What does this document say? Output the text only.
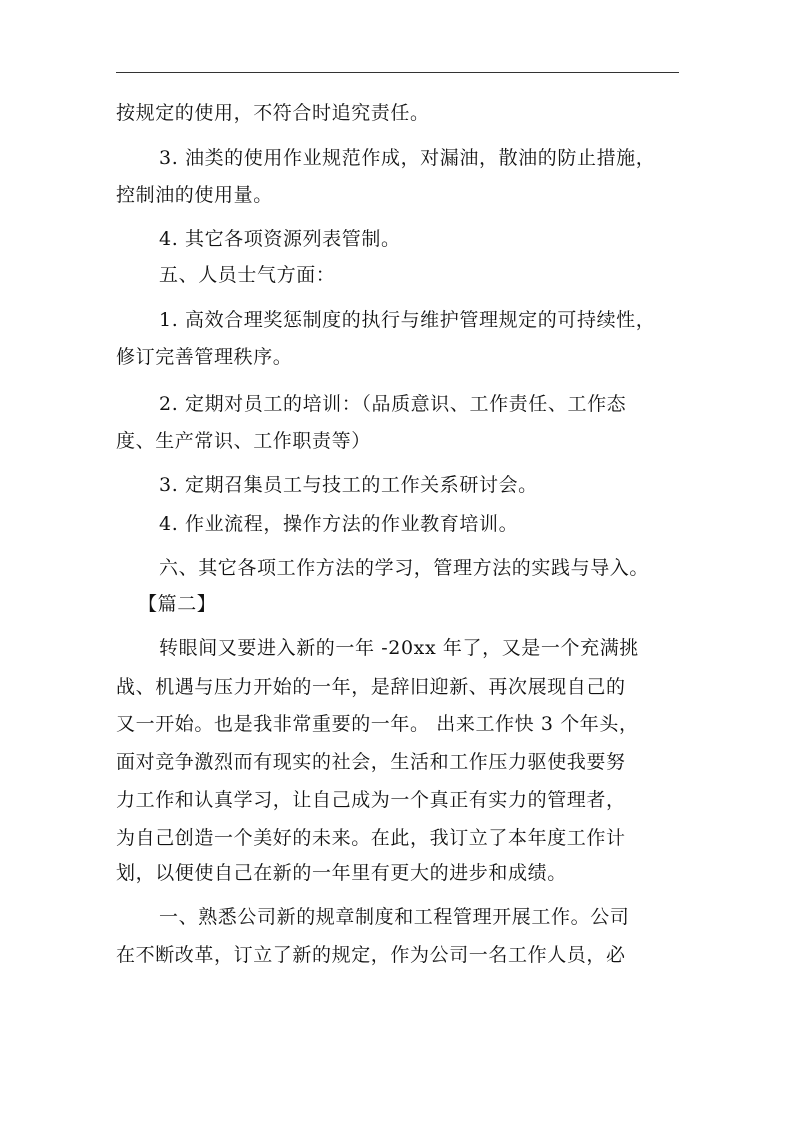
按规定的使用，不符合时追究责任。
3. 油类的使用作业规范作成，对漏油，散油的防止措施，
控制油的使用量。
4. 其它各项资源列表管制。
五、人员士气方面：
1. 高效合理奖惩制度的执行与维护管理规定的可持续性，
修订完善管理秩序。
2. 定期对员工的培训：（品质意识、工作责任、工作态
度、生产常识、工作职责等）
3. 定期召集员工与技工的工作关系研讨会。
4. 作业流程，操作方法的作业教育培训。
六、其它各项工作方法的学习，管理方法的实践与导入。
【篇二】
转眼间又要进入新的一年 -20xx 年了，又是一个充满挑
战、机遇与压力开始的一年，是辞旧迎新、再次展现自己的
又一开始。也是我非常重要的一年。 出来工作快 3 个年头，
面对竞争激烈而有现实的社会，生活和工作压力驱使我要努
力工作和认真学习，让自己成为一个真正有实力的管理者，
为自己创造一个美好的未来。在此，我订立了本年度工作计
划，以便使自己在新的一年里有更大的进步和成绩。
一、熟悉公司新的规章制度和工程管理开展工作。公司
在不断改革，订立了新的规定，作为公司一名工作人员，必
